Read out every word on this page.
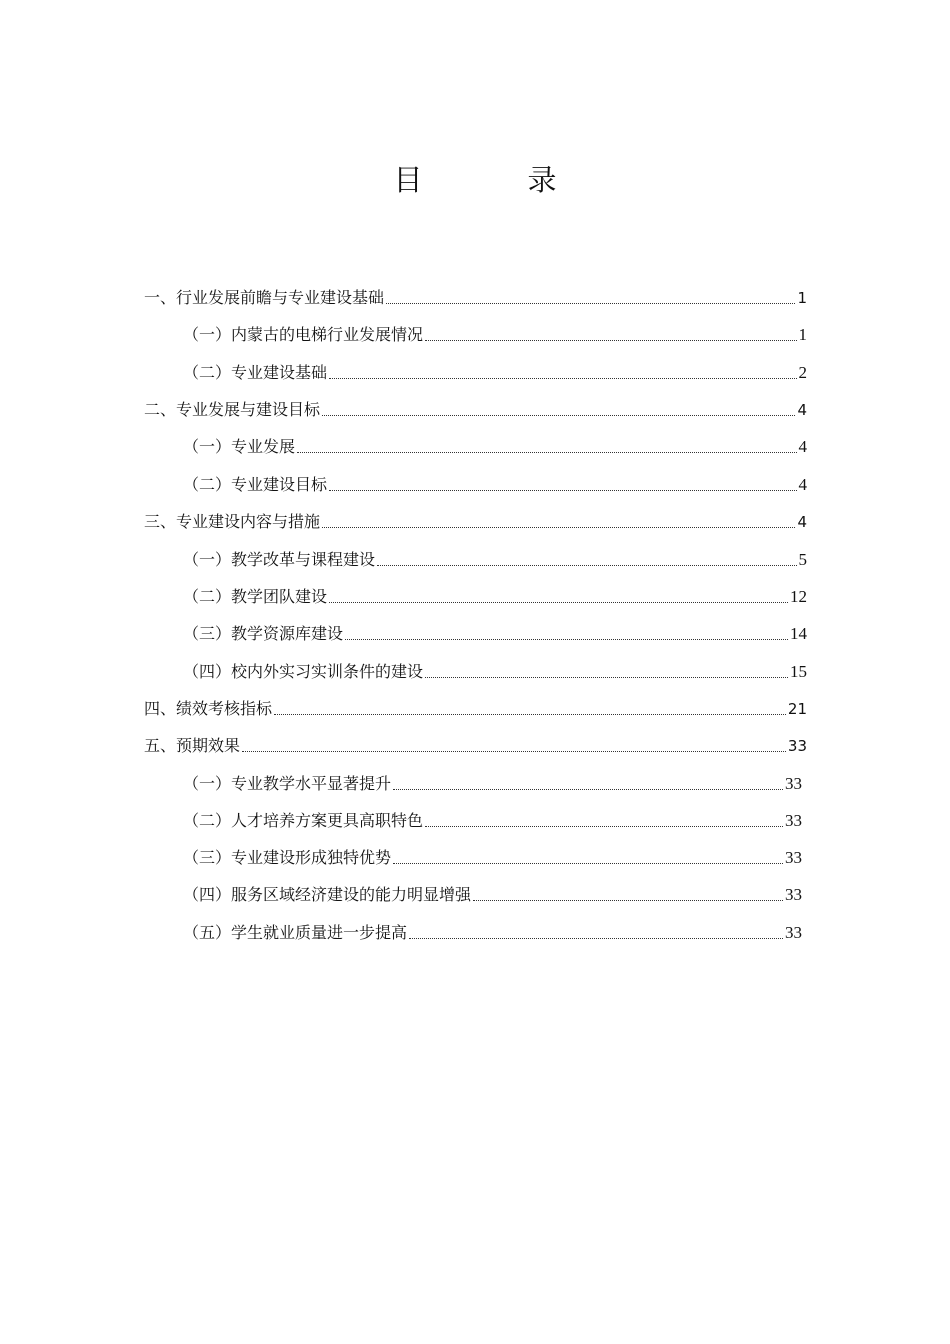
目　录
一、行业发展前瞻与专业建设基础	1
（一）内蒙古的电梯行业发展情况	1
（二）专业建设基础	2
二、专业发展与建设目标	4
（一）专业发展	4
（二）专业建设目标	4
三、专业建设内容与措施	4
（一）教学改革与课程建设	5
（二）教学团队建设	12
（三）教学资源库建设	14
（四）校内外实习实训条件的建设	15
四、绩效考核指标	21
五、预期效果	33
（一）专业教学水平显著提升	33
（二）人才培养方案更具高职特色	33
（三）专业建设形成独特优势	33
（四）服务区域经济建设的能力明显增强	33
（五）学生就业质量进一步提高	33
